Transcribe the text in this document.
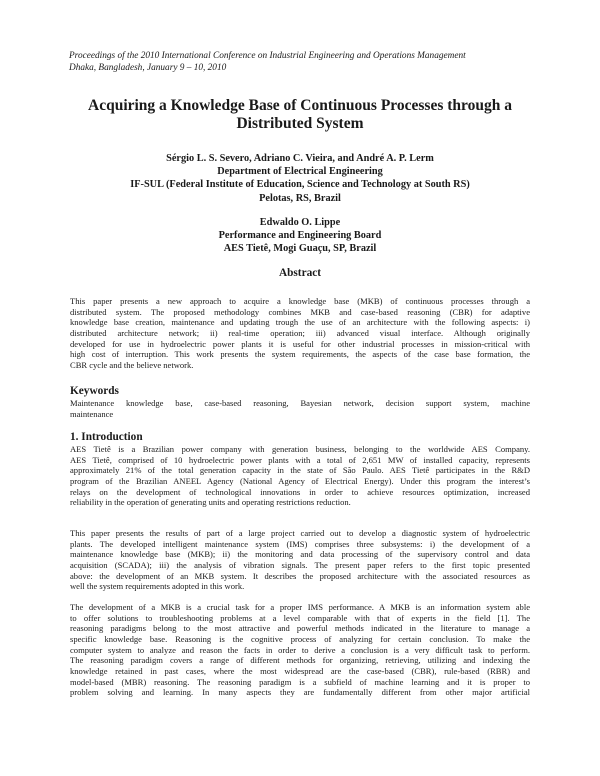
Proceedings of the 2010 International Conference on Industrial Engineering and Operations Management
Dhaka, Bangladesh, January 9 – 10, 2010
Acquiring a Knowledge Base of Continuous Processes through a
Distributed System
Sérgio L. S. Severo, Adriano C. Vieira, and André A. P. Lerm
Department of Electrical Engineering
IF-SUL (Federal Institute of Education, Science and Technology at South RS)
Pelotas, RS, Brazil
Edwaldo O. Lippe
Performance and Engineering Board
AES Tietê, Mogi Guaçu, SP, Brazil
Abstract
This paper presents a new approach to acquire a knowledge base (MKB) of continuous processes through a
distributed system. The proposed methodology combines MKB and case-based reasoning (CBR) for adaptive
knowledge base creation, maintenance and updating trough the use of an architecture with the following aspects: i)
distributed architecture network; ii) real-time operation; iii) advanced visual interface. Although originally
developed for use in hydroelectric power plants it is useful for other industrial processes in mission-critical with
high cost of interruption. This work presents the system requirements, the aspects of the case base formation, the
CBR cycle and the believe network.
Keywords
Maintenance knowledge base, case-based reasoning, Bayesian network, decision support system, machine
maintenance
1. Introduction
AES Tietê is a Brazilian power company with generation business, belonging to the worldwide AES Company.
AES Tietê, comprised of 10 hydroelectric power plants with a total of 2,651 MW of installed capacity, represents
approximately 21% of the total generation capacity in the state of São Paulo. AES Tietê participates in the R&D
program of the Brazilian ANEEL Agency (National Agency of Electrical Energy). Under this program the interest’s
relays on the development of technological innovations in order to achieve resources optimization, increased
reliability in the operation of generating units and operating restrictions reduction.
This paper presents the results of part of a large project carried out to develop a diagnostic system of hydroelectric
plants. The developed intelligent maintenance system (IMS) comprises three subsystems: i) the development of a
maintenance knowledge base (MKB); ii) the monitoring and data processing of the supervisory control and data
acquisition (SCADA); iii) the analysis of vibration signals. The present paper refers to the first topic presented
above: the development of an MKB system. It describes the proposed architecture with the associated resources as
well the system requirements adopted in this work.
The development of a MKB is a crucial task for a proper IMS performance. A MKB is an information system able
to offer solutions to troubleshooting problems at a level comparable with that of experts in the field [1]. The
reasoning paradigms belong to the most attractive and powerful methods indicated in the literature to manage a
specific knowledge base. Reasoning is the cognitive process of analyzing for certain conclusion. To make the
computer system to analyze and reason the facts in order to derive a conclusion is a very difficult task to perform.
The reasoning paradigm covers a range of different methods for organizing, retrieving, utilizing and indexing the
knowledge retained in past cases, where the most widespread are the case-based (CBR), rule-based (RBR) and
model-based (MBR) reasoning. The reasoning paradigm is a subfield of machine learning and it is proper to
problem solving and learning. In many aspects they are fundamentally different from other major artificial
